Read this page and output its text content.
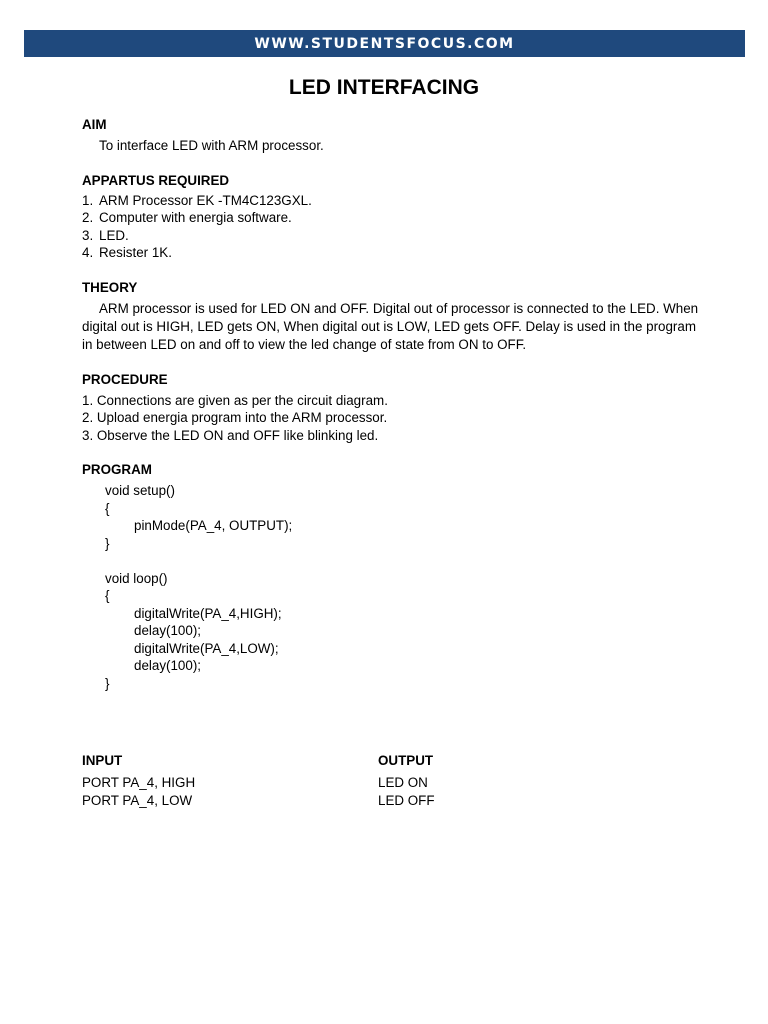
WWW.STUDENTSFOCUS.COM
LED INTERFACING

AIM

To interface LED with ARM processor.

APPARTUS REQUIRED

1. ARM Processor EK -TM4C123GXL.
2. Computer with energia software.
3. LED.
4. Resister 1K.

THEORY

ARM processor is used for LED ON and OFF. Digital out of processor is connected to the LED. When digital out is HIGH, LED gets ON, When digital out is LOW, LED gets OFF. Delay is used in the program in between LED on and off to view the led change of state from ON to OFF.

PROCEDURE

1. Connections are given as per the circuit diagram.

2. Upload energia program into the ARM processor.

3. Observe the LED ON and OFF like blinking led.

PROGRAM

void setup()

{

pinMode(PA_4, OUTPUT);

}

void loop()

{

digitalWrite(PA_4,HIGH);

delay(100);

digitalWrite(PA_4,LOW);

delay(100);

}

INPUT	OUTPUT
PORT PA_4, HIGH	LED ON
PORT PA_4, LOW	LED OFF
